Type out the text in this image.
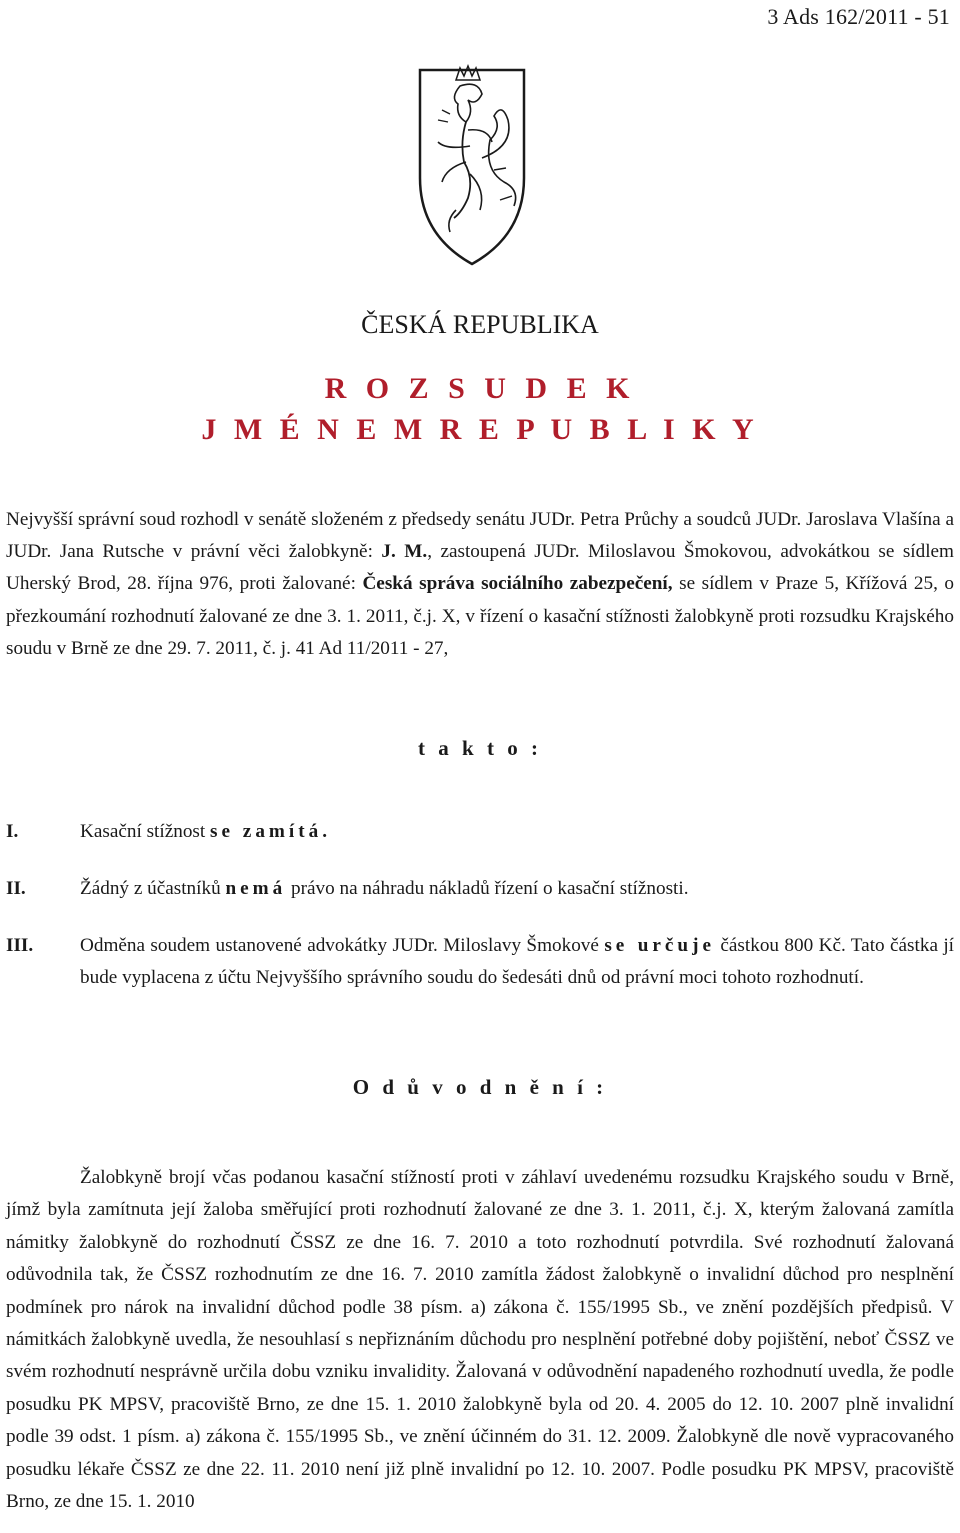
3 Ads 162/2011 - 51
ČESKÁ REPUBLIKA
R O Z S U D E K
J M É N E M R E P U B L I K Y
Nejvyšší správní soud rozhodl v senátě složeném z předsedy senátu JUDr. Petra Průchy a soudců JUDr. Jaroslava Vlašína a JUDr. Jana Rutsche v právní věci žalobkyně: J. M., zastoupená JUDr. Miloslavou Šmokovou, advokátkou se sídlem Uherský Brod, 28. října 976, proti žalované: Česká správa sociálního zabezpečení, se sídlem v Praze 5, Křížová 25, o přezkoumání rozhodnutí žalované ze dne 3. 1. 2011, č.j. X, v řízení o kasační stížnosti žalobkyně proti rozsudku Krajského soudu v Brně ze dne 29. 7. 2011, č. j. 41 Ad 11/2011 - 27,
t a k t o :
I.	Kasační stížnost se zamítá.
II.	Žádný z účastníků nemá právo na náhradu nákladů řízení o kasační stížnosti.
III. Odměna soudem ustanovené advokátky JUDr. Miloslavy Šmokové se určuje částkou 800 Kč. Tato částka jí bude vyplacena z účtu Nejvyššího správního soudu do šedesáti dnů od právní moci tohoto rozhodnutí.
O d ů v o d n ě n í :

Žalobkyně brojí včas podanou kasační stížností proti v záhlaví uvedenému rozsudku Krajského soudu v Brně, jímž byla zamítnuta její žaloba směřující proti rozhodnutí žalované ze dne 3. 1. 2011, č.j. X, kterým žalovaná zamítla námitky žalobkyně do rozhodnutí ČSSZ ze dne 16. 7. 2010 a toto rozhodnutí potvrdila. Své rozhodnutí žalovaná odůvodnila tak, že ČSSZ rozhodnutím ze dne 16. 7. 2010 zamítla žádost žalobkyně o invalidní důchod pro nesplnění podmínek pro nárok na invalidní důchod podle 38 písm. a) zákona č. 155/1995 Sb., ve znění pozdějších předpisů. V námitkách žalobkyně uvedla, že nesouhlasí s nepřiznáním důchodu pro nesplnění potřebné doby pojištění, neboť ČSSZ ve svém rozhodnutí nesprávně určila dobu vzniku invalidity. Žalovaná v odůvodnění napadeného rozhodnutí uvedla, že podle posudku PK MPSV, pracoviště Brno, ze dne 15. 1. 2010 žalobkyně byla od 20. 4. 2005 do 12. 10. 2007 plně invalidní podle 39 odst. 1 písm. a) zákona č. 155/1995 Sb., ve znění účinném do 31. 12. 2009. Žalobkyně dle nově vypracovaného posudku lékaře ČSSZ ze dne 22. 11. 2010 není již plně invalidní po 12. 10. 2007. Podle posudku PK MPSV, pracoviště Brno, ze dne 15. 1. 2010
